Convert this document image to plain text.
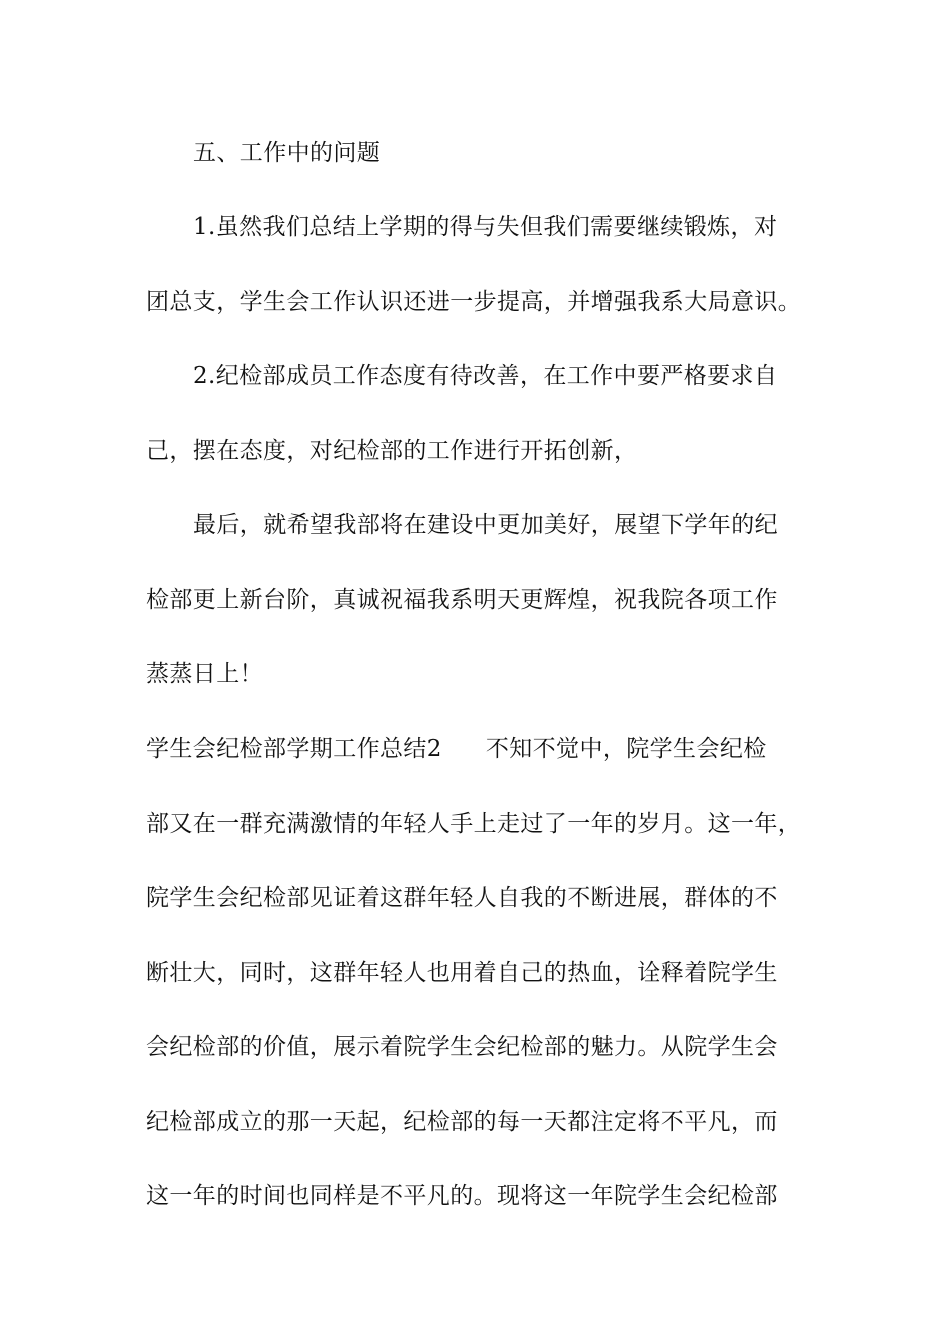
五、工作中的问题
1.虽然我们总结上学期的得与失但我们需要继续锻炼，对
团总支，学生会工作认识还进一步提高，并增强我系大局意识。
2.纪检部成员工作态度有待改善，在工作中要严格要求自
己，摆在态度，对纪检部的工作进行开拓创新，
最后，就希望我部将在建设中更加美好，展望下学年的纪
检部更上新台阶，真诚祝福我系明天更辉煌，祝我院各项工作
蒸蒸日上！
学生会纪检部学期工作总结2 不知不觉中，院学生会纪检
部又在一群充满激情的年轻人手上走过了一年的岁月。这一年，
院学生会纪检部见证着这群年轻人自我的不断进展，群体的不
断壮大，同时，这群年轻人也用着自己的热血，诠释着院学生
会纪检部的价值，展示着院学生会纪检部的魅力。从院学生会
纪检部成立的那一天起，纪检部的每一天都注定将不平凡，而
这一年的时间也同样是不平凡的。现将这一年院学生会纪检部
